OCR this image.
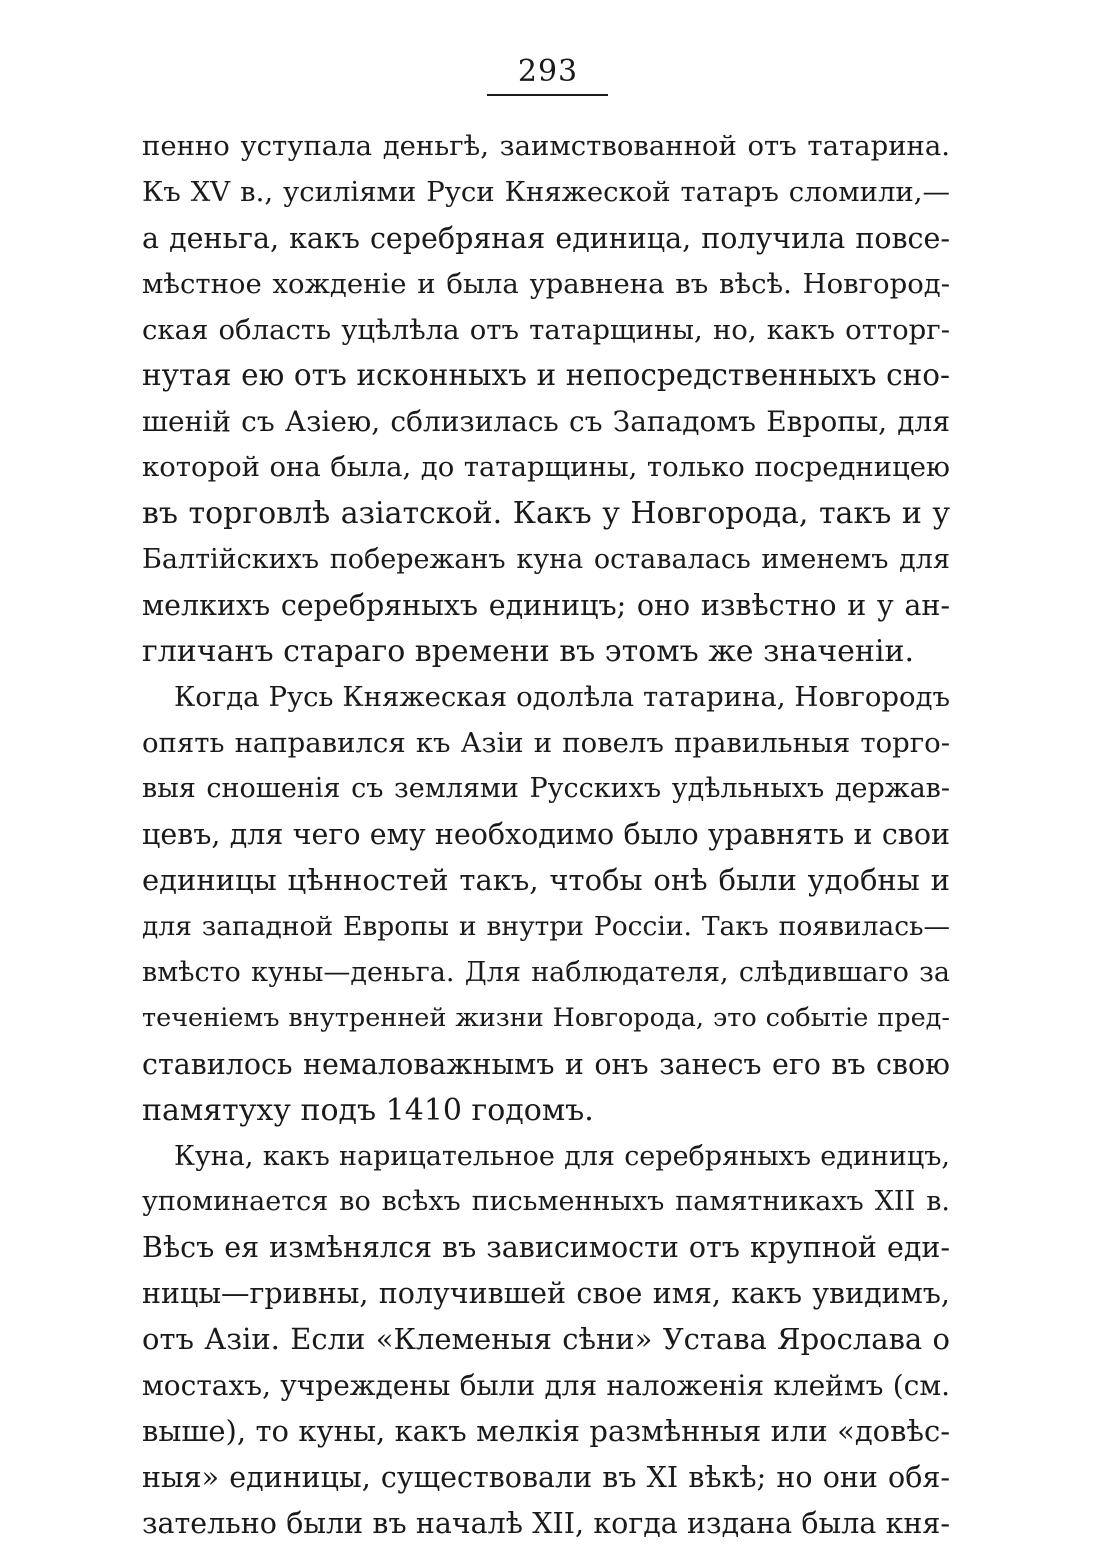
293
пенно уступала деньгѣ, заимствованной отъ татарина.
Къ XV в., усиліями Руси Княжеской татаръ сломили,—
а деньга, какъ серебряная единица, получила повсе-
мѣстное хожденіе и была уравнена въ вѣсѣ. Новгород-
ская область уцѣлѣла отъ татарщины, но, какъ отторг-
нутая ею отъ исконныхъ и непосредственныхъ сно-
шеній съ Азіею, сблизилась съ Западомъ Европы, для
которой она была, до татарщины, только посредницею
въ торговлѣ азіатской. Какъ у Новгорода, такъ и у
Балтійскихъ побережанъ куна оставалась именемъ для
мелкихъ серебряныхъ единицъ; оно извѣстно и у ан-
гличанъ стараго времени въ этомъ же значеніи.
Когда Русь Княжеская одолѣла татарина, Новгородъ
опять направился къ Азіи и повелъ правильныя торго-
выя сношенія съ землями Русскихъ удѣльныхъ держав-
цевъ, для чего ему необходимо было уравнять и свои
единицы цѣнностей такъ, чтобы онѣ были удобны и
для западной Европы и внутри Россіи. Такъ появилась—
вмѣсто куны—деньга. Для наблюдателя, слѣдившаго за
теченіемъ внутренней жизни Новгорода, это событіе пред-
ставилось немаловажнымъ и онъ занесъ его въ свою
памятуху подъ 1410 годомъ.
Куна, какъ нарицательное для серебряныхъ единицъ,
упоминается во всѣхъ письменныхъ памятникахъ XII в.
Вѣсъ ея измѣнялся въ зависимости отъ крупной еди-
ницы—гривны, получившей свое имя, какъ увидимъ,
отъ Азіи. Если «Клеменыя сѣни» Устава Ярослава о
мостахъ, учреждены были для наложенія клеймъ (см.
выше), то куны, какъ мелкія размѣнныя или «довѣс-
ныя» единицы, существовали въ XI вѣкѣ; но они обя-
зательно были въ началѣ XII, когда издана была кня-
